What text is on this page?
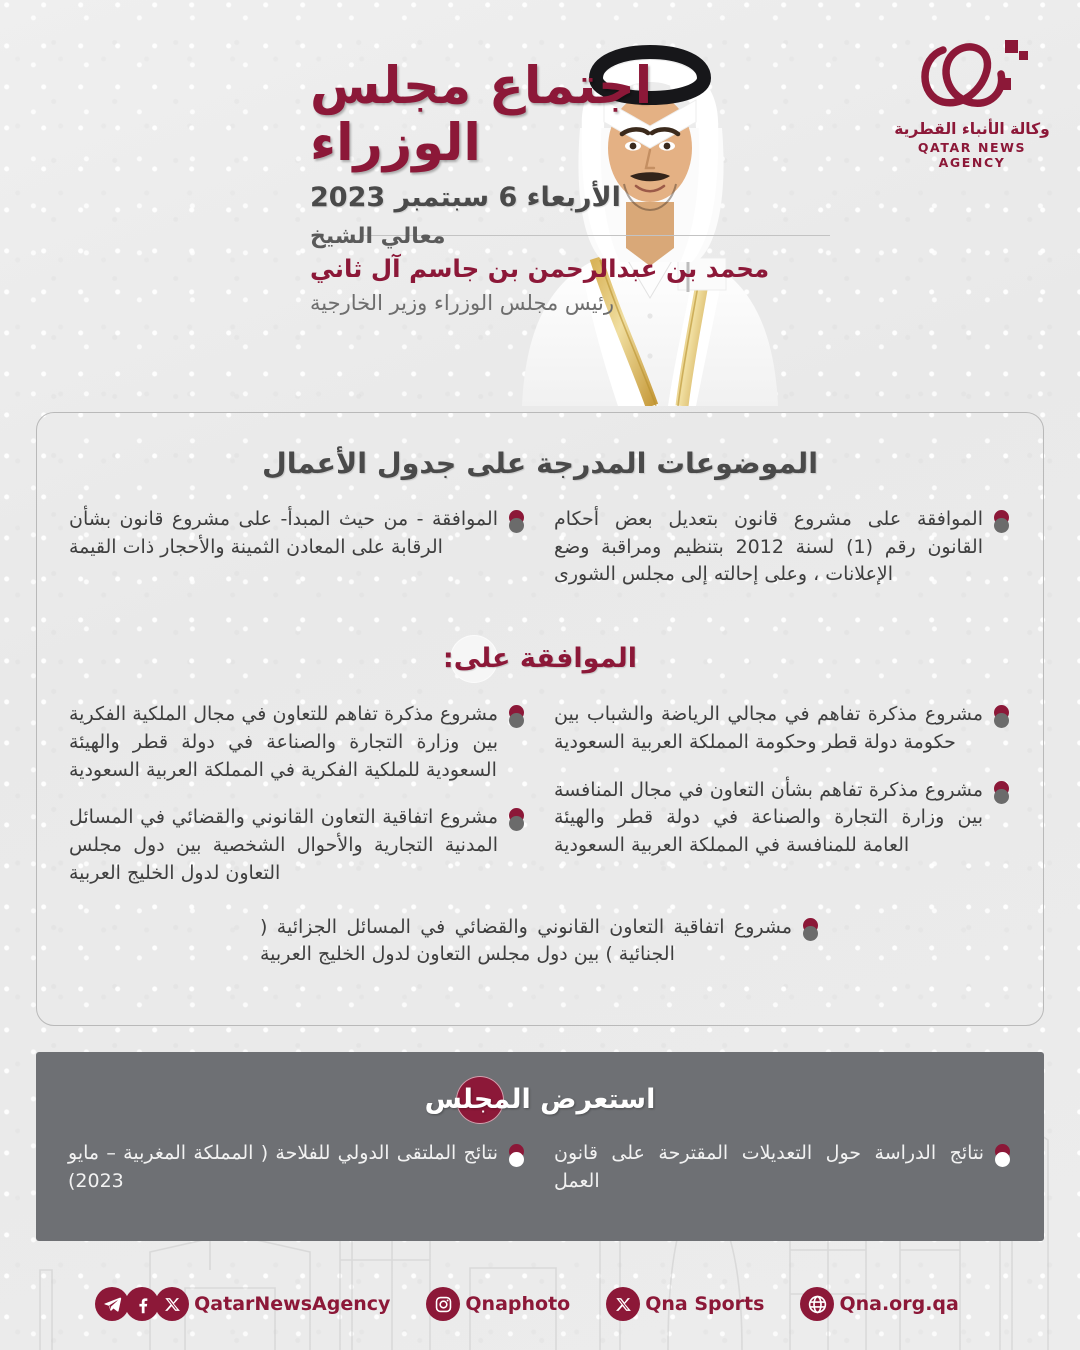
وكالة الأنباء القطرية
QATAR NEWS AGENCY
اجتماع مجلس الوزراء
الأربعاء 6 سبتمبر 2023
معالي الشيخ
محمد بن عبدالرحمن بن جاسم آل ثاني
رئيس مجلس الوزراء وزير الخارجية
الموضوعات المدرجة على جدول الأعمال
الموافقة على مشروع قانون بتعديل بعض أحكام القانون رقم (1) لسنة 2012 بتنظيم ومراقبة وضع الإعلانات ، وعلى إحالته إلى مجلس الشورى
الموافقة - من حيث المبدأ- على مشروع قانون بشأن الرقابة على المعادن الثمينة والأحجار ذات القيمة
الموافقة على:
مشروع مذكرة تفاهم في مجالي الرياضة والشباب بين حكومة دولة قطر وحكومة المملكة العربية السعودية
مشروع مذكرة تفاهم بشأن التعاون في مجال المنافسة بين وزارة التجارة والصناعة في دولة قطر والهيئة العامة للمنافسة في المملكة العربية السعودية
مشروع مذكرة تفاهم للتعاون في مجال الملكية الفكرية بين وزارة التجارة والصناعة في دولة قطر والهيئة السعودية للملكية الفكرية في المملكة العربية السعودية
مشروع اتفاقية التعاون القانوني والقضائي في المسائل المدنية التجارية والأحوال الشخصية بين دول مجلس التعاون لدول الخليج العربية
مشروع اتفاقية التعاون القانوني والقضائي في المسائل الجزائية ( الجنائية ) بين دول مجلس التعاون لدول الخليج العربية
استعرض المجلس
نتائج الدراسة حول التعديلات المقترحة على قانون العمل
نتائج الملتقى الدولي للفلاحة ( المملكة المغربية – مايو 2023)
QatarNewsAgency	Qnaphoto	Qna Sports	Qna.org.qa
